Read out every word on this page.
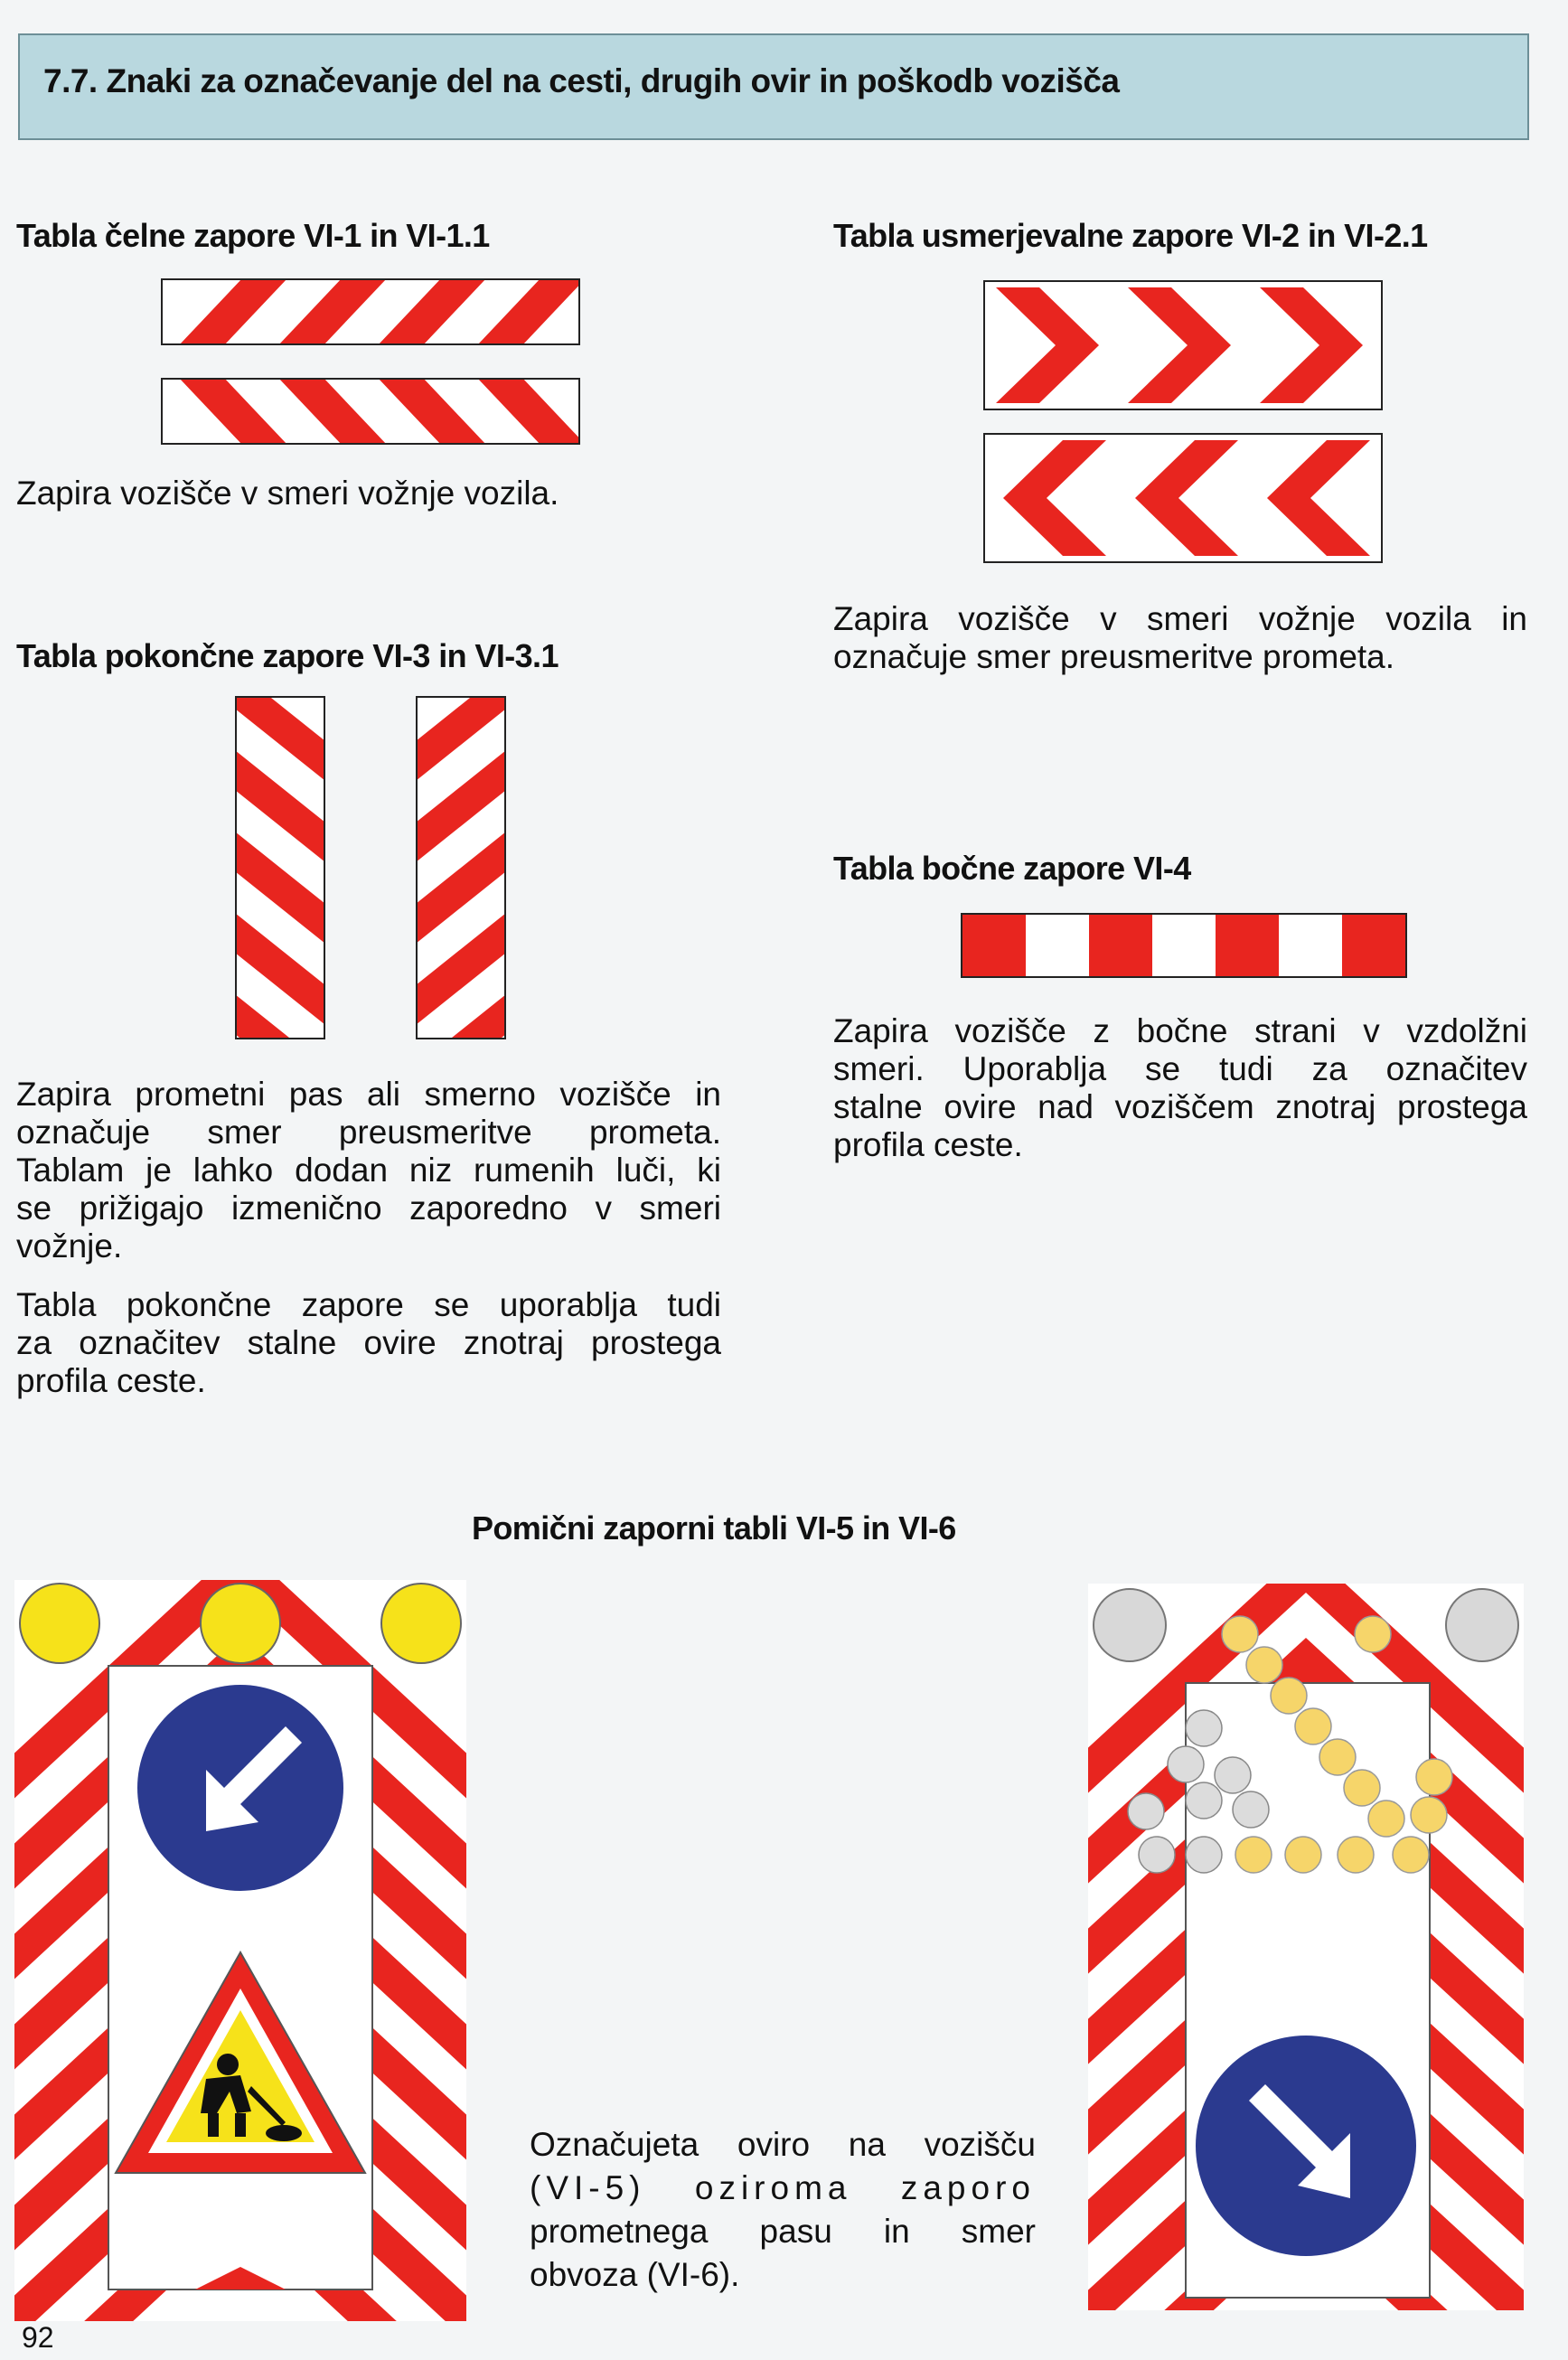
7.7. Znaki za označevanje del na cesti, drugih ovir in poškodb vozišča
Tabla čelne zapore VI-1 in VI-1.1
Zapira vozišče v smeri vožnje vozila.
Tabla usmerjevalne zapore VI-2 in VI-2.1
Zapira vozišče v smeri vožnje vozila in
označuje smer preusmeritve prometa.
Tabla pokončne zapore VI-3 in VI-3.1
Zapira prometni pas ali smerno vozišče in
označuje smer preusmeritve prometa.
Tablam je lahko dodan niz rumenih luči, ki
se prižigajo izmenično zaporedno v smeri
vožnje.
Tabla pokončne zapore se uporablja tudi
za označitev stalne ovire znotraj prostega
profila ceste.
Tabla bočne zapore VI-4
Zapira vozišče z bočne strani v vzdolžni
smeri. Uporablja se tudi za označitev
stalne ovire nad voziščem znotraj prostega
profila ceste.
Pomični zaporni tabli VI-5 in VI-6
Označujeta oviro na vozišču
(VI-5) oziroma zaporo
prometnega pasu in smer
obvoza (VI-6).
92
